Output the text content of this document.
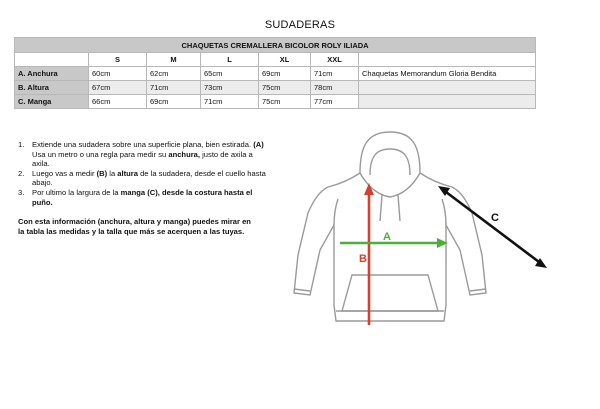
SUDADERAS
CHAQUETAS CREMALLERA BICOLOR ROLY ILIADA						
	S	M	L	XL	XXL	
A. Anchura	60cm	62cm	65cm	69cm	71cm	Chaquetas Memorandum Gloria Bendita
B. Altura	67cm	71cm	73cm	75cm	78cm	
C. Manga	66cm	69cm	71cm	75cm	77cm	
1. Extiende una sudadera sobre una superficie plana, bien estirada. (A) Usa un metro o una regla para medir su anchura, justo de axila a axila.
2. Luego vas a medir (B) la altura de la sudadera, desde el cuello hasta abajo.
3. Por ultimo la largura de la manga (C), desde la costura hasta el puño.

Con esta información (anchura, altura y manga) puedes mirar en la tabla las medidas y la talla que más se acerquen a las tuyas.

C
B
A
